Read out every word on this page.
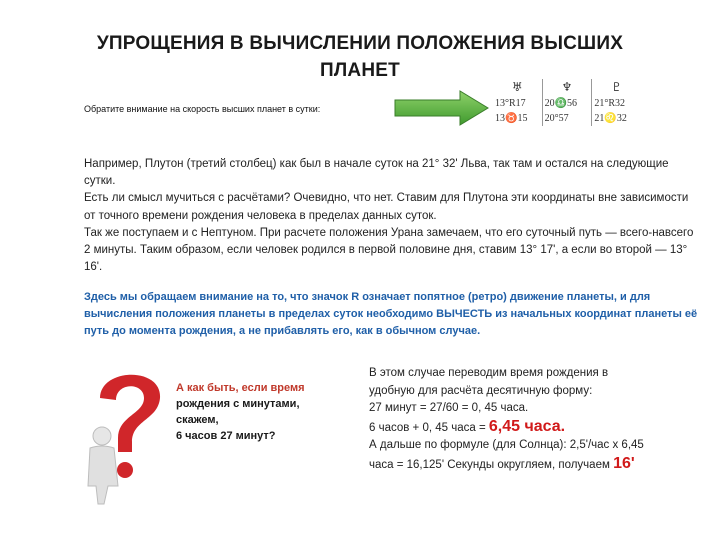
УПРОЩЕНИЯ В ВЫЧИСЛЕНИИ ПОЛОЖЕНИЯ ВЫСШИХ
ПЛАНЕТ
Обратите внимание на скорость высших планет в сутки:
♅	♆	♇
13°R17	20♎56	21°R32
13♉15	20°57	21♌32
Например, Плутон (третий столбец) как был в начале суток на 21° 32' Льва, так там и остался на следующие сутки.
Есть ли смысл мучиться с расчётами? Очевидно, что нет. Ставим для Плутона эти координаты вне зависимости от точного времени рождения человека в пределах данных суток.
Так же поступаем и с Нептуном. При расчете положения Урана замечаем, что его суточный путь — всего-навсего 2 минуты. Таким образом, если человек родился в первой половине дня, ставим 13° 17', а если во второй — 13° 16'.
Здесь мы обращаем внимание на то, что значок R означает попятное (ретро) движение планеты, и для вычисления положения планеты в пределах суток необходимо ВЫЧЕСТЬ из начальных координат планеты её путь до момента рождения, а не прибавлять его, как в обычном случае.
А как быть, если время
рождения с минутами,
скажем,
6 часов 27 минут?
В этом случае переводим время рождения в
удобную для расчёта десятичную форму:
27 минут = 27/60 = 0, 45 часа.
6 часов + 0, 45 часа = 6,45 часа.
А дальше по формуле (для Солнца): 2,5'/час х 6,45
часа = 16,125' Секунды округляем, получаем 16'
